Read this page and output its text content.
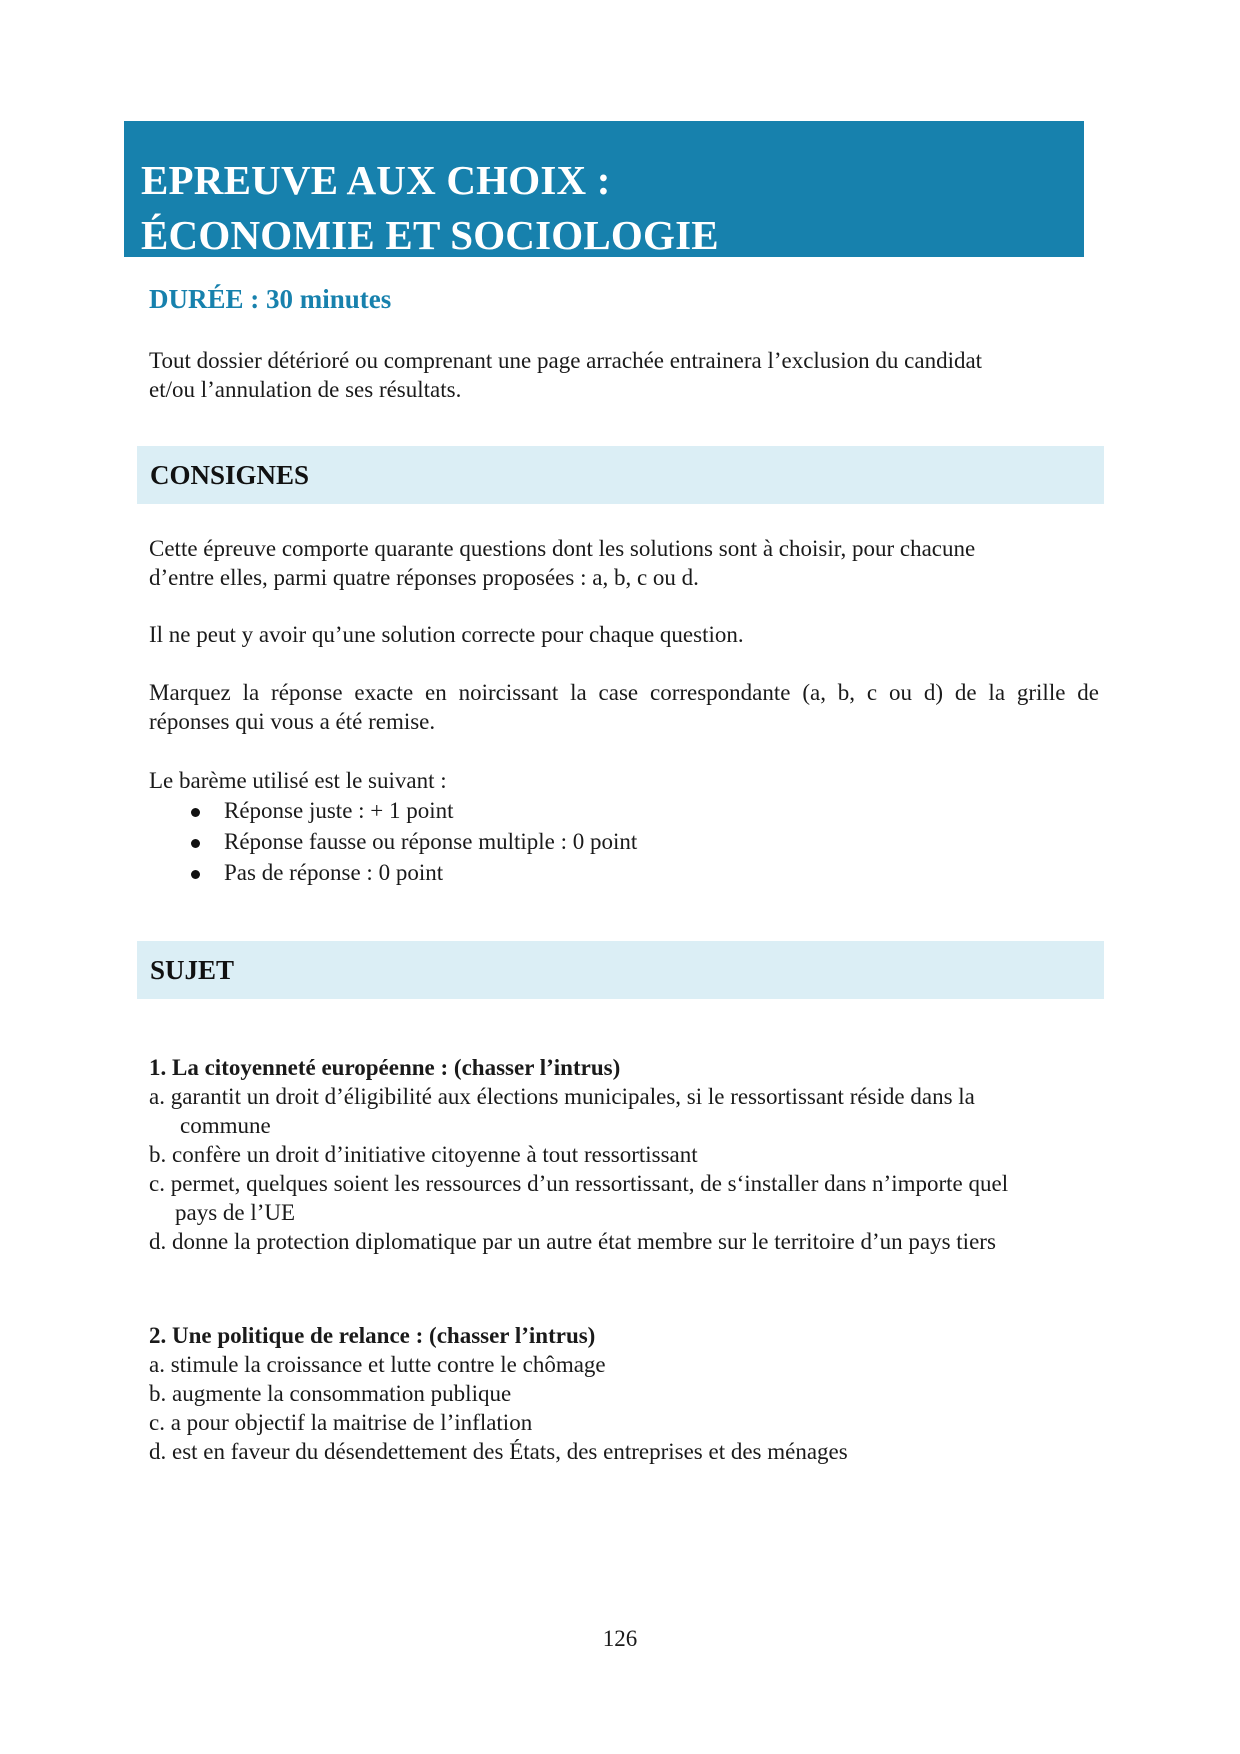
EPREUVE AUX CHOIX :
ÉCONOMIE ET SOCIOLOGIE
DURÉE : 30 minutes
Tout dossier détérioré ou comprenant une page arrachée entrainera l’exclusion du candidat
et/ou l’annulation de ses résultats.
CONSIGNES
Cette épreuve comporte quarante questions dont les solutions sont à choisir, pour chacune
d’entre elles, parmi quatre réponses proposées : a, b, c ou d.
Il ne peut y avoir qu’une solution correcte pour chaque question.
Marquez la réponse exacte en noircissant la case correspondante (a, b, c ou d) de la grille de
réponses qui vous a été remise.
Le barème utilisé est le suivant :
Réponse juste : + 1 point
Réponse fausse ou réponse multiple : 0 point
Pas de réponse : 0 point
SUJET
1. La citoyenneté européenne : (chasser l’intrus)
a. garantit un droit d’éligibilité aux élections municipales, si le ressortissant réside dans la
commune
b. confère un droit d’initiative citoyenne à tout ressortissant
c. permet, quelques soient les ressources d’un ressortissant, de s‘installer dans n’importe quel
pays de l’UE
d. donne la protection diplomatique par un autre état membre sur le territoire d’un pays tiers
2. Une politique de relance : (chasser l’intrus)
a. stimule la croissance et lutte contre le chômage
b. augmente la consommation publique
c. a pour objectif la maitrise de l’inflation
d. est en faveur du désendettement des États, des entreprises et des ménages
126
